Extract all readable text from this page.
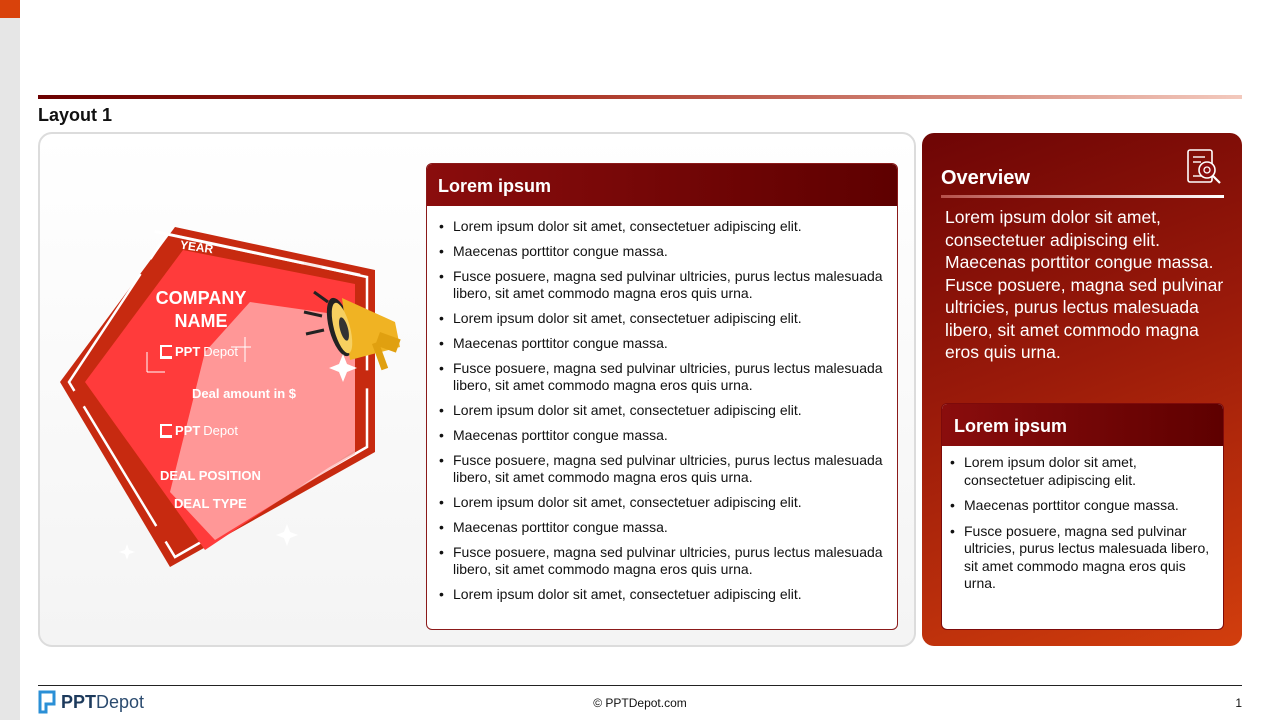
Layout 1
YEAR
COMPANY NAME
PPT Depot
Deal amount in $
PPT Depot
DEAL POSITION
DEAL TYPE
Lorem ipsum
• Lorem ipsum dolor sit amet, consectetuer adipiscing elit.
• Maecenas porttitor congue massa.
• Fusce posuere, magna sed pulvinar ultricies, purus lectus malesuada libero, sit amet commodo magna eros quis urna.
• Lorem ipsum dolor sit amet, consectetuer adipiscing elit.
• Maecenas porttitor congue massa.
• Fusce posuere, magna sed pulvinar ultricies, purus lectus malesuada libero, sit amet commodo magna eros quis urna.
• Lorem ipsum dolor sit amet, consectetuer adipiscing elit.
• Maecenas porttitor congue massa.
• Fusce posuere, magna sed pulvinar ultricies, purus lectus malesuada libero, sit amet commodo magna eros quis urna.
• Lorem ipsum dolor sit amet, consectetuer adipiscing elit.
• Maecenas porttitor congue massa.
• Fusce posuere, magna sed pulvinar ultricies, purus lectus malesuada libero, sit amet commodo magna eros quis urna.
• Lorem ipsum dolor sit amet, consectetuer adipiscing elit.
Overview
Lorem ipsum dolor sit amet, consectetuer adipiscing elit. Maecenas porttitor congue massa. Fusce posuere, magna sed pulvinar ultricies, purus lectus malesuada libero, sit amet commodo magna eros quis urna.
Lorem ipsum
• Lorem ipsum dolor sit amet, consectetuer adipiscing elit.
• Maecenas porttitor congue massa.
• Fusce posuere, magna sed pulvinar ultricies, purus lectus malesuada libero, sit amet commodo magna eros quis urna.
PPTDepot	© PPTDepot.com	1
